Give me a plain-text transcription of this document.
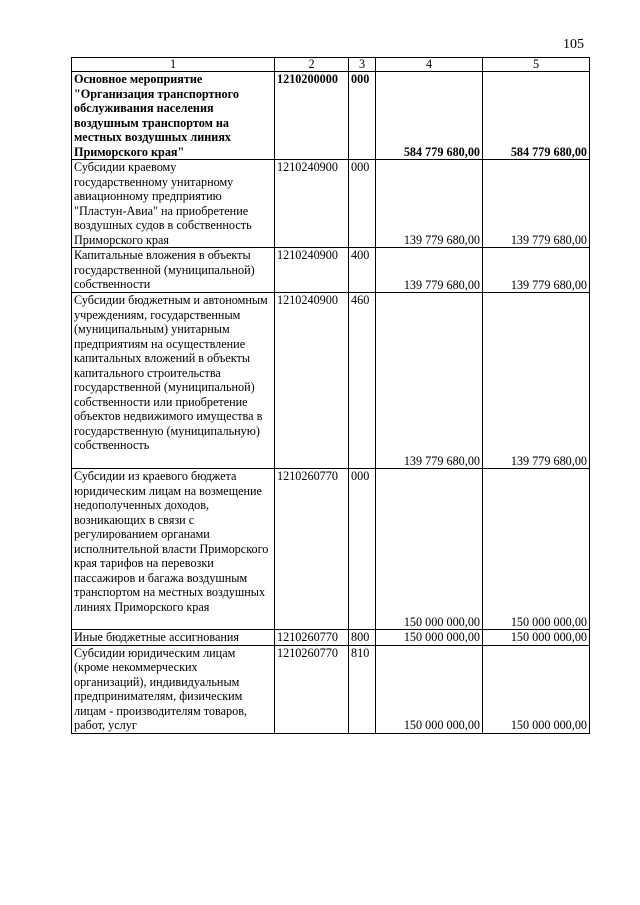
105
1	2	3	4	5
Основное мероприятие "Организация транспортного обслуживания населения воздушным транспортом на местных воздушных линиях Приморского края"	1210200000	000	584 779 680,00	584 779 680,00
Субсидии краевому государственному унитарному авиационному предприятию "Пластун-Авиа" на приобретение воздушных судов в собственность Приморского края	1210240900	000	139 779 680,00	139 779 680,00
Капитальные вложения в объекты государственной (муниципальной) собственности	1210240900	400	139 779 680,00	139 779 680,00
Субсидии бюджетным и автономным учреждениям, государственным (муниципальным) унитарным предприятиям на осуществление капитальных вложений в объекты капитального строительства государственной (муниципальной) собственности или приобретение объектов недвижимого имущества в государственную (муниципальную) собственность	1210240900	460	139 779 680,00	139 779 680,00
Субсидии из краевого бюджета юридическим лицам на возмещение недополученных доходов, возникающих в связи с регулированием органами исполнительной власти Приморского края тарифов на перевозки пассажиров и багажа воздушным транспортом на местных воздушных линиях Приморского края	1210260770	000	150 000 000,00	150 000 000,00
Иные бюджетные ассигнования	1210260770	800	150 000 000,00	150 000 000,00
Субсидии юридическим лицам (кроме некоммерческих организаций), индивидуальным предпринимателям, физическим лицам - производителям товаров, работ, услуг	1210260770	810	150 000 000,00	150 000 000,00
